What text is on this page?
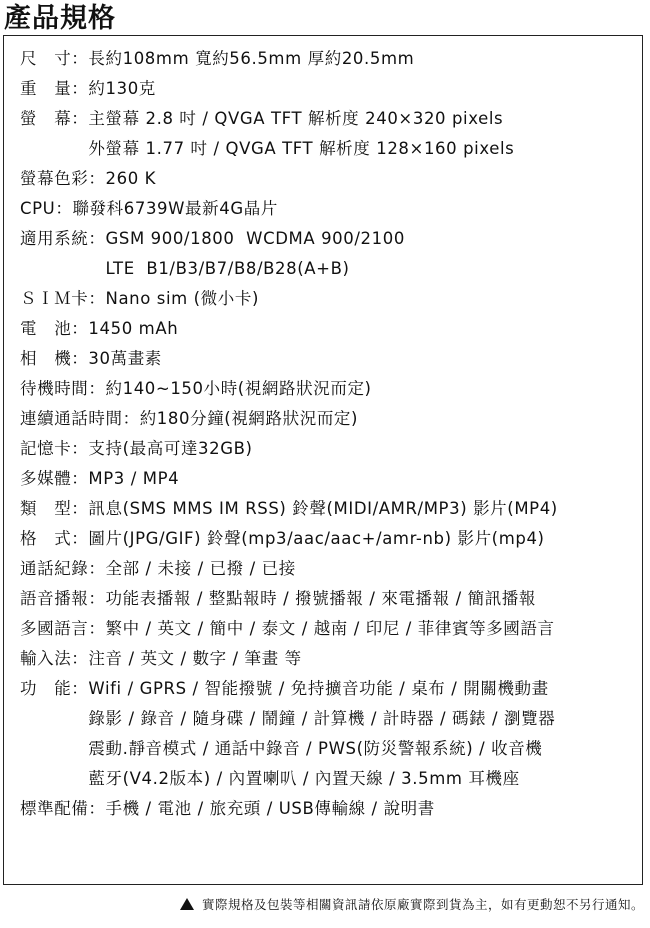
產品規格
尺　寸： 長約108mm 寬約56.5mm 厚約20.5mm
重　量： 約130克
螢　幕： 主螢幕 2.8 吋 / QVGA TFT 解析度 240×320 pixels
外螢幕 1.77 吋 / QVGA TFT 解析度 128×160 pixels
螢幕色彩： 260 K
CPU： 聯發科6739W最新4G晶片
適用系統： GSM 900/1800  WCDMA 900/2100
LTE  B1/B3/B7/B8/B28(A+B)
ＳＩＭ卡： Nano sim (微小卡)
電　池： 1450 mAh
相　機： 30萬畫素
待機時間： 約140~150小時(視網路狀況而定)
連續通話時間： 約180分鐘(視網路狀況而定)
記憶卡： 支持(最高可達32GB)
多媒體： MP3 / MP4
類　型： 訊息(SMS MMS IM RSS) 鈴聲(MIDI/AMR/MP3) 影片(MP4)
格　式： 圖片(JPG/GIF) 鈴聲(mp3/aac/aac+/amr-nb) 影片(mp4)
通話紀錄： 全部 / 未接 / 已撥 / 已接
語音播報： 功能表播報 / 整點報時 / 撥號播報 / 來電播報 / 簡訊播報
多國語言： 繁中 / 英文 / 簡中 / 泰文 / 越南 / 印尼 / 菲律賓等多國語言
輸入法： 注音 / 英文 / 數字 / 筆畫 等
功　能： Wifi / GPRS / 智能撥號 / 免持擴音功能 / 桌布 / 開關機動畫
錄影 / 錄音 / 隨身碟 / 鬧鐘 / 計算機 / 計時器 / 碼錶 / 瀏覽器
震動.靜音模式 / 通話中錄音 / PWS(防災警報系統) / 收音機
藍牙(V4.2版本) / 內置喇叭 / 內置天線 / 3.5mm 耳機座
標準配備： 手機 / 電池 / 旅充頭 / USB傳輸線 / 說明書
實際規格及包裝等相關資訊請依原廠實際到貨為主，如有更動恕不另行通知。
